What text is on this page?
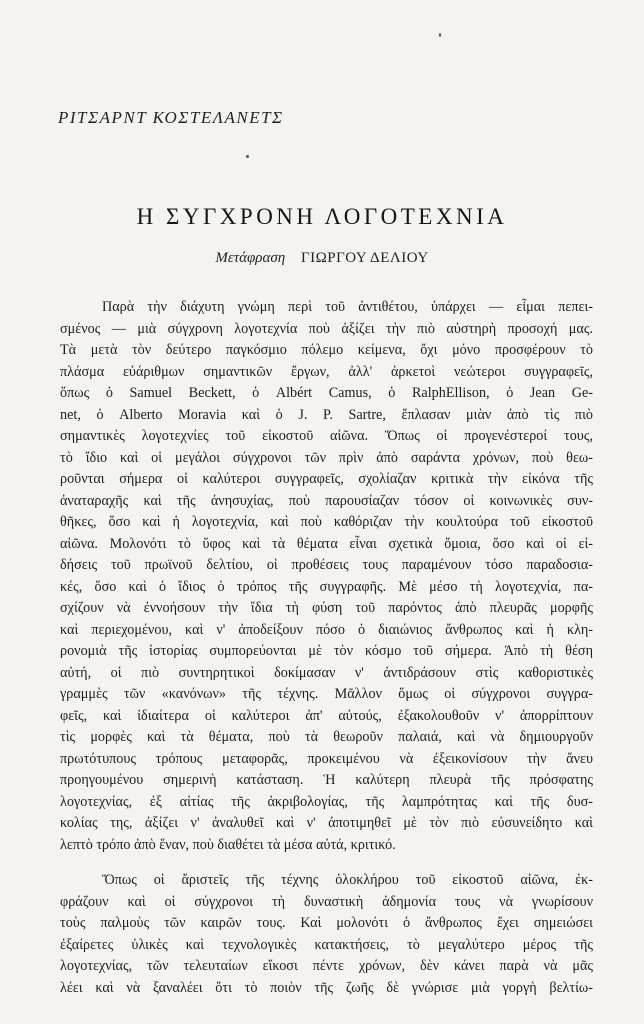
ΡΙΤΣΑΡΝΤ ΚΟΣΤΕΛΑΝΕΤΣ
Η ΣΥΓΧΡΟΝΗ ΛΟΓΟΤΕΧΝΙΑ
Μετάφραση ΓΙΩΡΓΟΥ ΔΕΛΙΟΥ
Παρὰ τὴν διάχυτη γνώμη περὶ τοῦ ἀντιθέτου, ὑπάρχει — εἶμαι πεπει-
σμένος — μιὰ σύγχρονη λογοτεχνία ποὺ ἀξίζει τὴν πιὸ αὐστηρὴ προσοχή μας.
Τὰ μετὰ τὸν δεύτερο παγκόσμιο πόλεμο κείμενα, ὄχι μόνο προσφέρουν τὸ
πλάσμα εὐάριθμων σημαντικῶν ἔργων, ἀλλ' ἀρκετοὶ νεώτεροι συγγραφεῖς,
ὅπως ὁ Samuel Beckett, ὁ Albért Camus, ὁ RalphEllison, ὁ Jean Ge-
net, ὁ Alberto Moravia καὶ ὁ J. P. Sartre, ἔπλασαν μιὰν ἀπὸ τὶς πιὸ
σημαντικὲς λογοτεχνίες τοῦ εἰκοστοῦ αἰῶνα. Ὅπως οἱ προγενέστεροί τους,
τὸ ἴδιο καὶ οἱ μεγάλοι σύγχρονοι τῶν πρὶν ἀπὸ σαράντα χρόνων, ποὺ θεω-
ροῦνται σήμερα οἱ καλύτεροι συγγραφεῖς, σχολίαζαν κριτικὰ τὴν εἰκόνα τῆς
ἀναταραχῆς καὶ τῆς ἀνησυχίας, ποὺ παρουσίαζαν τόσον οἱ κοινωνικὲς συν-
θῆκες, ὅσο καὶ ἡ λογοτεχνία, καὶ ποὺ καθόριζαν τὴν κουλτούρα τοῦ εἰκοστοῦ
αἰῶνα. Μολονότι τὸ ὕφος καὶ τὰ θέματα εἶναι σχετικὰ ὅμοια, ὅσο καὶ οἱ εἰ-
δήσεις τοῦ πρωϊνοῦ δελτίου, οἱ προθέσεις τους παραμένουν τόσο παραδοσια-
κές, ὅσο καὶ ὁ ἴδιος ὁ τρόπος τῆς συγγραφῆς. Μὲ μέσο τὴ λογοτεχνία, πα-
σχίζουν νὰ ἐννοήσουν τὴν ἴδια τὴ φύση τοῦ παρόντος ἀπὸ πλευρᾶς μορφῆς
καὶ περιεχομένου, καὶ ν' ἀποδείξουν πόσο ὁ διαιώνιος ἄνθρωπος καὶ ἡ κλη-
ρονομιὰ τῆς ἱστορίας συμπορεύονται μὲ τὸν κόσμο τοῦ σήμερα. Ἀπὸ τὴ θέση
αὐτή, οἱ πιὸ συντηρητικοὶ δοκίμασαν ν' ἀντιδράσουν στὶς καθοριστικὲς
γραμμὲς τῶν «κανόνων» τῆς τέχνης. Μᾶλλον ὅμως οἱ σύγχρονοι συγγρα-
φεῖς, καὶ ἰδιαίτερα οἱ καλύτεροι ἀπ' αὐτούς, ἐξακολουθοῦν ν' ἀπορρίπτουν
τὶς μορφὲς καὶ τὰ θέματα, ποὺ τὰ θεωροῦν παλαιά, καὶ νὰ δημιουργοῦν
πρωτότυπους τρόπους μεταφορᾶς, προκειμένου νὰ ἐξεικονίσουν τὴν ἄνευ
προηγουμένου σημερινὴ κατάσταση. Ἡ καλύτερη πλευρὰ τῆς πρόσφατης
λογοτεχνίας, ἐξ αἰτίας τῆς ἀκριβολογίας, τῆς λαμπρότητας καὶ τῆς δυσ-
κολίας της, ἀξίζει ν' ἀναλυθεῖ καὶ ν' ἀποτιμηθεῖ μὲ τὸν πιὸ εὐσυνείδητο καὶ
λεπτὸ τρόπο ἀπὸ ἕναν, ποὺ διαθέτει τὰ μέσα αὐτά, κριτικό.
Ὅπως οἱ ἄριστεῖς τῆς τέχνης ὁλοκλήρου τοῦ εἰκοστοῦ αἰῶνα, ἐκ-
φράζουν καὶ οἱ σύγχρονοι τὴ δυναστικὴ ἀδημονία τους νὰ γνωρίσουν
τοὺς παλμοὺς τῶν καιρῶν τους. Καὶ μολονότι ὁ ἄνθρωπος ἔχει σημειώσει
ἐξαίρετες ὑλικὲς καὶ τεχνολογικὲς κατακτήσεις, τὸ μεγαλύτερο μέρος τῆς
λογοτεχνίας, τῶν τελευταίων εἴκοσι πέντε χρόνων, δὲν κάνει παρὰ νὰ μᾶς
λέει καὶ νὰ ξαναλέει ὅτι τὸ ποιὸν τῆς ζωῆς δὲ γνώρισε μιὰ γοργὴ βελτίω-
